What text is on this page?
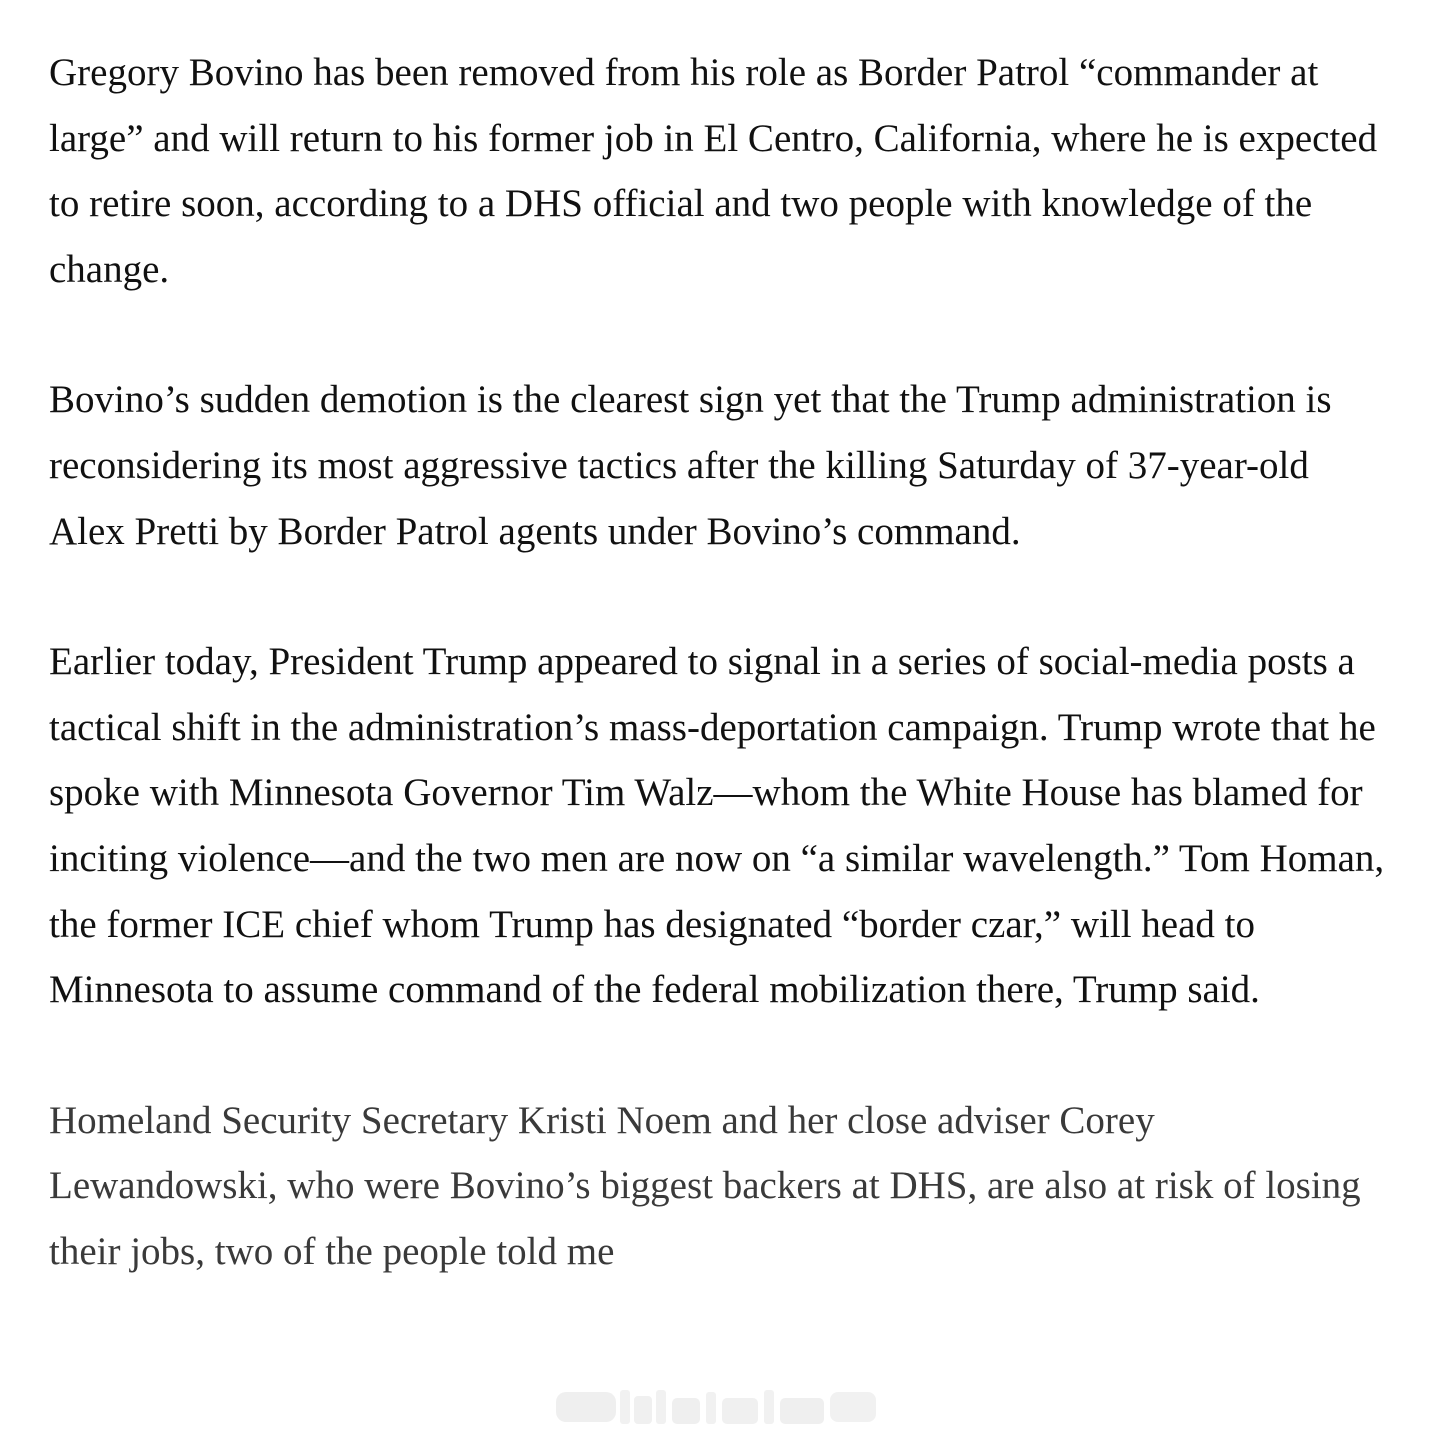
Gregory Bovino has been removed from his role as Border Patrol “commander at large” and will return to his former job in El Centro, California, where he is expected to retire soon, according to a DHS official and two people with knowledge of the change.

Bovino’s sudden demotion is the clearest sign yet that the Trump administration is reconsidering its most aggressive tactics after the killing Saturday of 37-year-old Alex Pretti by Border Patrol agents under Bovino’s command.

Earlier today, President Trump appeared to signal in a series of social-media posts a tactical shift in the administration’s mass-deportation campaign. Trump wrote that he spoke with Minnesota Governor Tim Walz—whom the White House has blamed for inciting violence—and the two men are now on “a similar wavelength.” Tom Homan, the former ICE chief whom Trump has designated “border czar,” will head to Minnesota to assume command of the federal mobilization there, Trump said.

Homeland Security Secretary Kristi Noem and her close adviser Corey Lewandowski, who were Bovino’s biggest backers at DHS, are also at risk of losing their jobs, two of the people told me
